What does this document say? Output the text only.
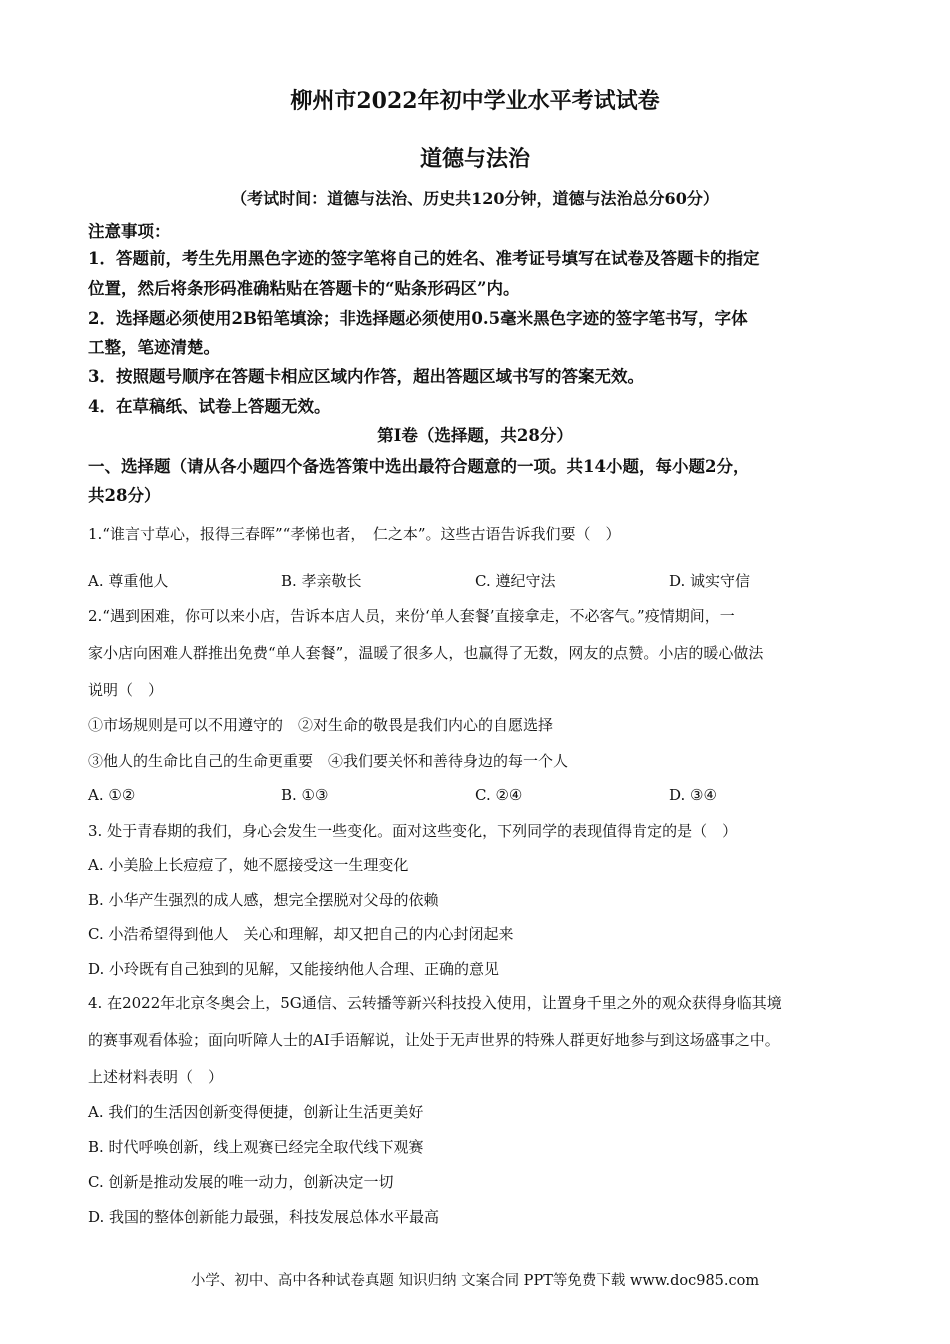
柳州市2022年初中学业水平考试试卷
道德与法治
（考试时间：道德与法治、历史共120分钟，道德与法治总分60分）
注意事项：
1．答题前，考生先用黑色字迹的签字笔将自己的姓名、准考证号填写在试卷及答题卡的指定
位置，然后将条形码准确粘贴在答题卡的“贴条形码区”内。
2．选择题必须使用2B铅笔填涂；非选择题必须使用0.5毫米黑色字迹的签字笔书写，字体
工整，笔迹清楚。
3．按照题号顺序在答题卡相应区域内作答，超出答题区域书写的答案无效。
4．在草稿纸、试卷上答题无效。
第Ⅰ卷（选择题，共28分）
一、选择题（请从各小题四个备选答策中选出最符合题意的一项。共14小题，每小题2分，
共28分）
1.“谁言寸草心，报得三春晖”“孝悌也者，　仁之本”。这些古语告诉我们要（　）
A. 尊重他人	B. 孝亲敬长	C. 遵纪守法	D. 诚实守信
2.“遇到困难，你可以来小店，告诉本店人员，来份‘单人套餐’直接拿走，不必客气。”疫情期间，一
家小店向困难人群推出免费“单人套餐”，温暖了很多人，也赢得了无数，网友的点赞。小店的暖心做法
说明（　）
①市场规则是可以不用遵守的　②对生命的敬畏是我们内心的自愿选择
③他人的生命比自己的生命更重要　④我们要关怀和善待身边的每一个人
A. ①②	B. ①③	C. ②④	D. ③④
3. 处于青春期的我们，身心会发生一些变化。面对这些变化，下列同学的表现值得肯定的是（　）
A. 小美脸上长痘痘了，她不愿接受这一生理变化
B. 小华产生强烈的成人感，想完全摆脱对父母的依赖
C. 小浩希望得到他人　关心和理解，却又把自己的内心封闭起来
D. 小玲既有自己独到的见解，又能接纳他人合理、正确的意见
4. 在2022年北京冬奥会上，5G通信、云转播等新兴科技投入使用，让置身千里之外的观众获得身临其境
的赛事观看体验；面向听障人士的AI手语解说，让处于无声世界的特殊人群更好地参与到这场盛事之中。
上述材料表明（　）
A. 我们的生活因创新变得便捷，创新让生活更美好
B. 时代呼唤创新，线上观赛已经完全取代线下观赛
C. 创新是推动发展的唯一动力，创新决定一切
D. 我国的整体创新能力最强，科技发展总体水平最高
小学、初中、高中各种试卷真题 知识归纳 文案合同 PPT等免费下载 www.doc985.com
